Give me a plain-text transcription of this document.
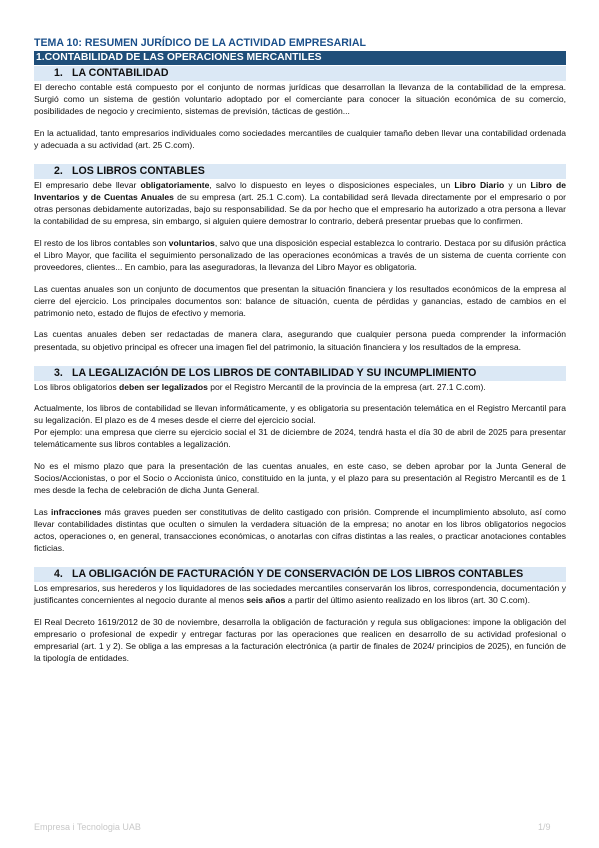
TEMA 10: RESUMEN JURÍDICO DE LA ACTIVIDAD EMPRESARIAL
1.CONTABILIDAD DE LAS OPERACIONES MERCANTILES
1. LA CONTABILIDAD

El derecho contable está compuesto por el conjunto de normas jurídicas que desarrollan la llevanza de la contabilidad de la empresa. Surgió como un sistema de gestión voluntario adoptado por el comerciante para conocer la situación económica de su comercio, posibilidades de negocio y crecimiento, sistemas de previsión, tácticas de gestión...

En la actualidad, tanto empresarios individuales como sociedades mercantiles de cualquier tamaño deben llevar una contabilidad ordenada y adecuada a su actividad (art. 25 C.com).

2. LOS LIBROS CONTABLES

El empresario debe llevar obligatoriamente, salvo lo dispuesto en leyes o disposiciones especiales, un Libro Diario y un Libro de Inventarios y de Cuentas Anuales de su empresa (art. 25.1 C.com). La contabilidad será llevada directamente por el empresario o por otras personas debidamente autorizadas, bajo su responsabilidad. Se da por hecho que el empresario ha autorizado a otra persona a llevar la contabilidad de su empresa, sin embargo, si alguien quiere demostrar lo contrario, deberá presentar pruebas que lo confirmen.

El resto de los libros contables son voluntarios, salvo que una disposición especial establezca lo contrario. Destaca por su difusión práctica el Libro Mayor, que facilita el seguimiento personalizado de las operaciones económicas a través de un sistema de cuenta corriente con proveedores, clientes... En cambio, para las aseguradoras, la llevanza del Libro Mayor es obligatoria.

Las cuentas anuales son un conjunto de documentos que presentan la situación financiera y los resultados económicos de la empresa al cierre del ejercicio. Los principales documentos son: balance de situación, cuenta de pérdidas y ganancias, estado de cambios en el patrimonio neto, estado de flujos de efectivo y memoria.

Las cuentas anuales deben ser redactadas de manera clara, asegurando que cualquier persona pueda comprender la información presentada, su objetivo principal es ofrecer una imagen fiel del patrimonio, la situación financiera y los resultados de la empresa.

3. LA LEGALIZACIÓN DE LOS LIBROS DE CONTABILIDAD Y SU INCUMPLIMIENTO

Los libros obligatorios deben ser legalizados por el Registro Mercantil de la provincia de la empresa (art. 27.1 C.com).

Actualmente, los libros de contabilidad se llevan informáticamente, y es obligatoria su presentación telemática en el Registro Mercantil para su legalización. El plazo es de 4 meses desde el cierre del ejercicio social.

Por ejemplo: una empresa que cierre su ejercicio social el 31 de diciembre de 2024, tendrá hasta el día 30 de abril de 2025 para presentar telemáticamente sus libros contables a legalización.

No es el mismo plazo que para la presentación de las cuentas anuales, en este caso, se deben aprobar por la Junta General de Socios/Accionistas, o por el Socio o Accionista único, constituido en la junta, y el plazo para su presentación al Registro Mercantil es de 1 mes desde la fecha de celebración de dicha Junta General.

Las infracciones más graves pueden ser constitutivas de delito castigado con prisión. Comprende el incumplimiento absoluto, así como llevar contabilidades distintas que oculten o simulen la verdadera situación de la empresa; no anotar en los libros obligatorios negocios actos, operaciones o, en general, transacciones económicas, o anotarlas con cifras distintas a las reales, o practicar anotaciones contables ficticias.

4. LA OBLIGACIÓN DE FACTURACIÓN Y DE CONSERVACIÓN DE LOS LIBROS CONTABLES

Los empresarios, sus herederos y los liquidadores de las sociedades mercantiles conservarán los libros, correspondencia, documentación y justificantes concernientes al negocio durante al menos seis años a partir del último asiento realizado en los libros (art. 30 C.com).

El Real Decreto 1619/2012 de 30 de noviembre, desarrolla la obligación de facturación y regula sus obligaciones: impone la obligación del empresario o profesional de expedir y entregar facturas por las operaciones que realicen en desarrollo de su actividad profesional o empresarial (art. 1 y 2). Se obliga a las empresas a la facturación electrónica (a partir de finales de 2024/ principios de 2025), en función de la tipología de entidades.

Empresa i Tecnologia UAB	1/9
